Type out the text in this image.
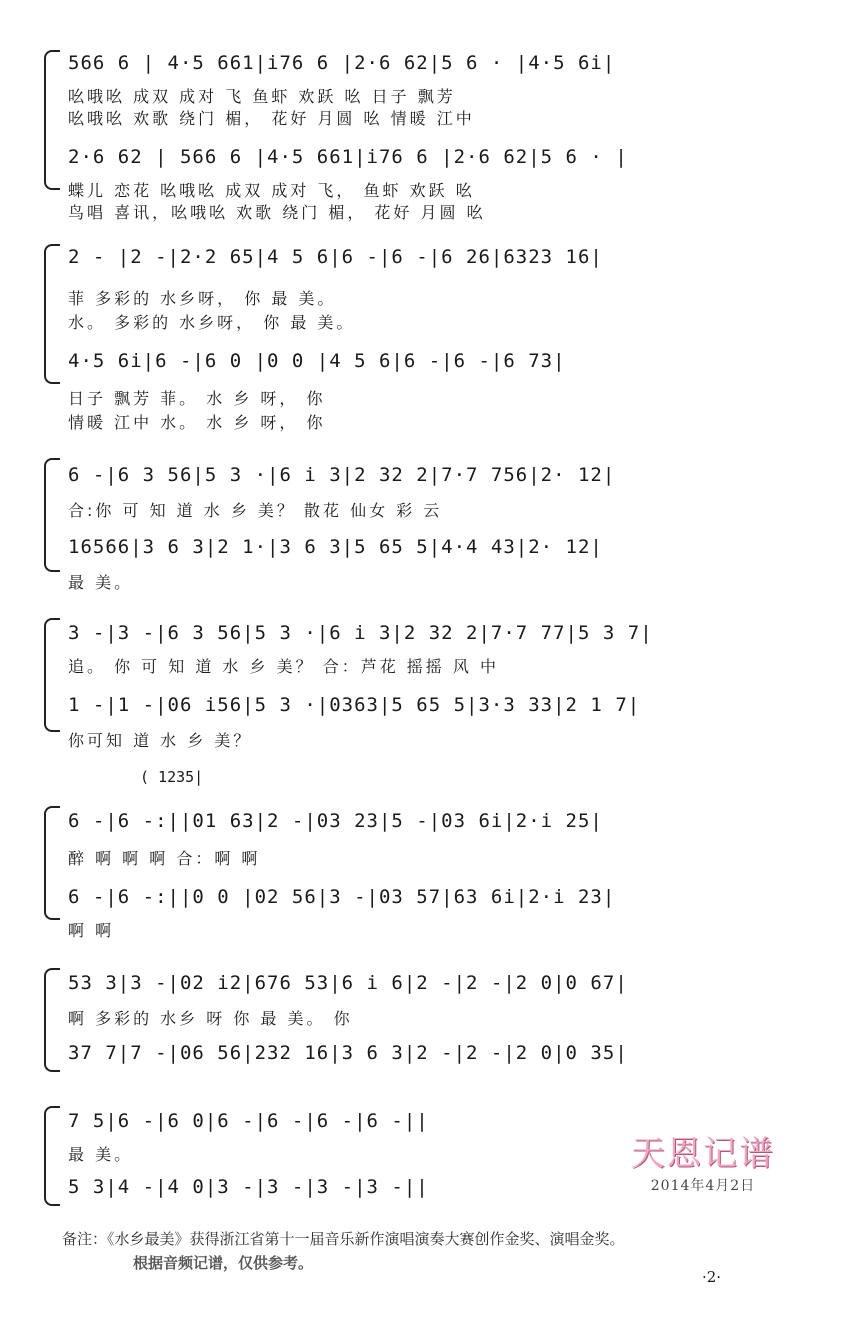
566 6 | 4·5 661|i76 6 |2·6 62|5 6 · |4·5 6i|
吆哦吆 成双 成对 飞 鱼虾 欢跃 吆 日子 飘芳
吆哦吆 欢歌 绕门 楣， 花好 月圆 吆 情暖 江中
2·6 62 | 566 6 |4·5 661|i76 6 |2·6 62|5 6 · |
蝶儿 恋花 吆哦吆 成双 成对 飞， 鱼虾 欢跃 吆
鸟唱 喜讯，吆哦吆 欢歌 绕门 楣， 花好 月圆 吆
2 - |2 -|2·2 65|4 5 6|6 -|6 -|6 26|6323 16|
菲 多彩的 水乡呀， 你 最 美。
水。 多彩的 水乡呀， 你 最 美。
4·5 6i|6 -|6 0 |0 0 |4 5 6|6 -|6 -|6 73|
日子 飘芳 菲。 水 乡 呀， 你
情暖 江中 水。 水 乡 呀， 你
6 -|6 3 56|5 3 ·|6 i 3|2 32 2|7·7 756|2· 12|
合:你 可 知 道 水 乡 美？ 散花 仙女 彩 云
16566|3 6 3|2 1·|3 6 3|5 65 5|4·4 43|2· 12|
最 美。
3 -|3 -|6 3 56|5 3 ·|6 i 3|2 32 2|7·7 77|5 3 7|
追。 你 可 知 道 水 乡 美？ 合：芦花 摇摇 风 中
1 -|1 -|06 i56|5 3 ·|0363|5 65 5|3·3 33|2 1 7|
你可知 道 水 乡 美？
( 1235|
6 -|6 -:||01 63|2 -|03 23|5 -|03 6i|2·i 25|
醉 啊 啊 啊 合：啊 啊
6 -|6 -:||0 0 |02 56|3 -|03 57|63 6i|2·i 23|
啊 啊
53 3|3 -|02 i2|676 53|6 i 6|2 -|2 -|2 0|0 67|
啊 多彩的 水乡 呀 你 最 美。 你
37 7|7 -|06 56|232 16|3 6 3|2 -|2 -|2 0|0 35|
7 5|6 -|6 0|6 -|6 -|6 -|6 -||
最 美。
5 3|4 -|4 0|3 -|3 -|3 -|3 -||
天恩记谱
2014年4月2日
备注：《水乡最美》获得浙江省第十一届音乐新作演唱演奏大赛创作金奖、演唱金奖。
根据音频记谱，仅供参考。
·2·
